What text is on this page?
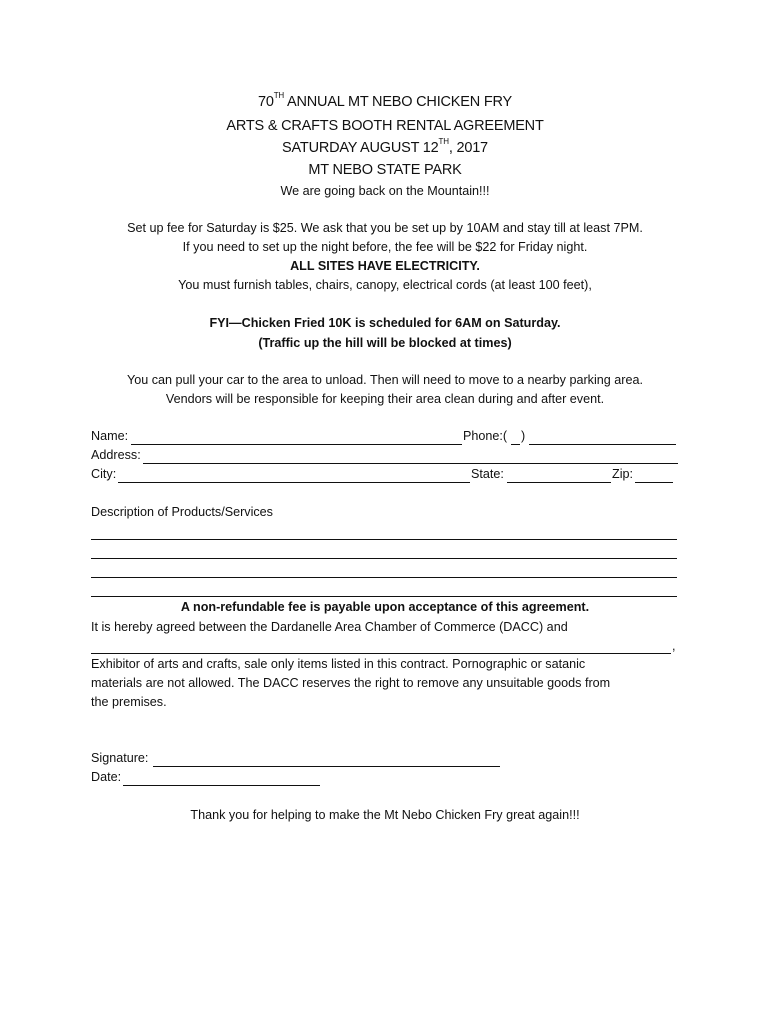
70TH ANNUAL MT NEBO CHICKEN FRY
ARTS & CRAFTS BOOTH RENTAL AGREEMENT
SATURDAY AUGUST 12TH, 2017
MT NEBO STATE PARK
We are going back on the Mountain!!!
Set up fee for Saturday is $25. We ask that you be set up by 10AM and stay till at least 7PM.
If you need to set up the night before, the fee will be $22 for Friday night.
ALL SITES HAVE ELECTRICITY.
You must furnish tables, chairs, canopy, electrical cords (at least 100 feet),
FYI—Chicken Fried 10K is scheduled for 6AM on Saturday.
(Traffic up the hill will be blocked at times)
You can pull your car to the area to unload. Then will need to move to a nearby parking area.
Vendors will be responsible for keeping their area clean during and after event.
Name:	Phone:( )
Address:
City:	State:	Zip:
Description of Products/Services
A non-refundable fee is payable upon acceptance of this agreement.
It is hereby agreed between the Dardanelle Area Chamber of Commerce (DACC) and
,
Exhibitor of arts and crafts, sale only items listed in this contract. Pornographic or satanic
materials are not allowed. The DACC reserves the right to remove any unsuitable goods from
the premises.
Signature:
Date:
Thank you for helping to make the Mt Nebo Chicken Fry great again!!!
